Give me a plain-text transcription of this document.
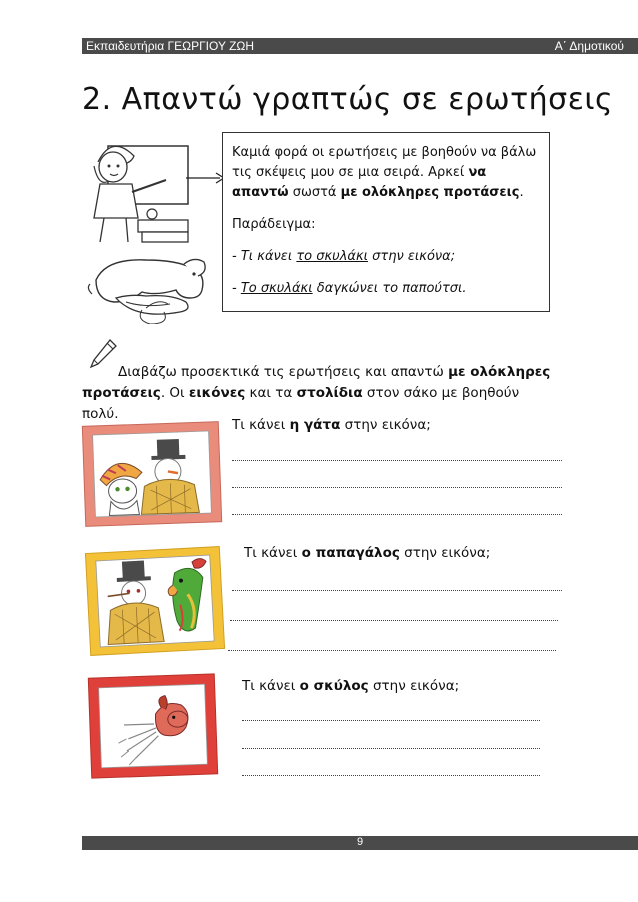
Εκπαιδευτήρια ΓΕΩΡΓΙΟΥ ΖΩΗ	Α΄ Δημοτικού
2. Απαντώ γραπτώς σε ερωτήσεις

Καμιά φορά οι ερωτήσεις με βοηθούν να βάλω

τις σκέψεις μου σε μια σειρά. Αρκεί να

απαντώ σωστά με ολόκληρες προτάσεις.

Παράδειγμα:

- Τι κάνει το σκυλάκι στην εικόνα;

- Το σκυλάκι δαγκώνει το παπούτσι.

Διαβάζω προσεκτικά τις ερωτήσεις και απαντώ με ολόκληρες προτάσεις. Οι εικόνες και τα στολίδια στον σάκο με βοηθούν πολύ.
Τι κάνει η γάτα στην εικόνα;
Τι κάνει ο παπαγάλος στην εικόνα;
Τι κάνει ο σκύλος στην εικόνα;
9
